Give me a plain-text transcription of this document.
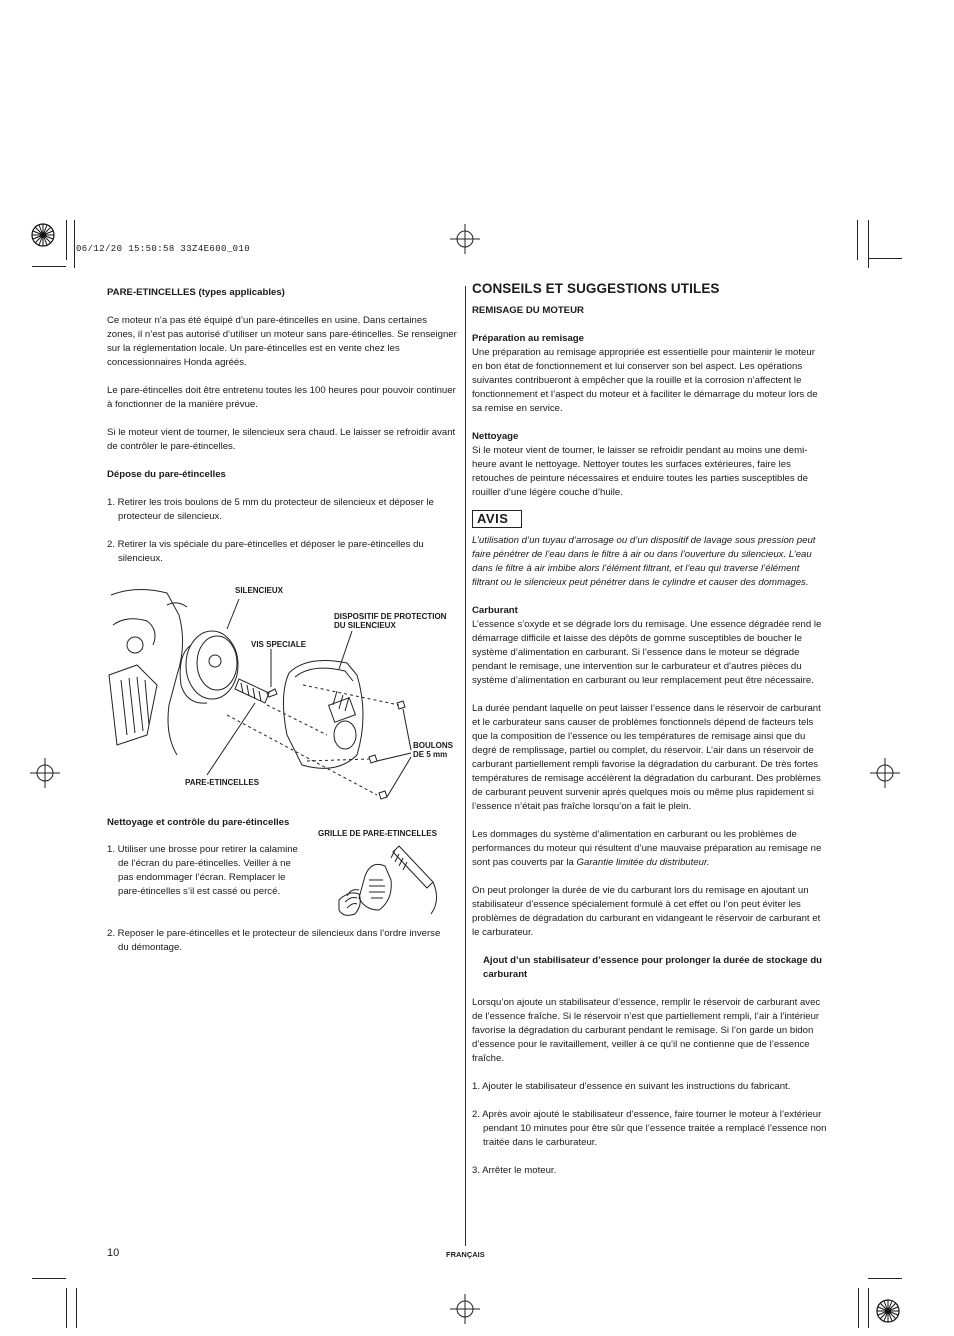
06/12/20 15:50:58 33Z4E600_010

PARE-ETINCELLES (types applicables)

Ce moteur n’a pas été équipé d’un pare-étincelles en usine. Dans certaines zones, il n’est pas autorisé d’utiliser un moteur sans pare-étincelles. Se renseigner sur la réglementation locale. Un pare-étincelles est en vente chez les concessionnaires Honda agréés.

Le pare-étincelles doit être entretenu toutes les 100 heures pour pouvoir continuer à fonctionner de la manière prévue.

Si le moteur vient de tourner, le silencieux sera chaud. Le laisser se refroidir avant de contrôler le pare-étincelles.

Dépose du pare-étincelles

1. Retirer les trois boulons de 5 mm du protecteur de silencieux et déposer le protecteur de silencieux.

2. Retirer la vis spéciale du pare-étincelles et déposer le pare-étincelles du silencieux.

SILENCIEUX
DISPOSITIF DE PROTECTION
DU SILENCIEUX
VIS SPECIALE
BOULONS
DE 5 mm
PARE-ETINCELLES
Nettoyage et contrôle du pare-étincelles
GRILLE DE PARE-ETINCELLES

1. Utiliser une brosse pour retirer la calamine de l’écran du pare-étincelles. Veiller à ne pas endommager l’écran. Remplacer le pare-étincelles s’il est cassé ou percé.

2. Reposer le pare-étincelles et le protecteur de silencieux dans l’ordre inverse du démontage.

CONSEILS ET SUGGESTIONS UTILES

REMISAGE DU MOTEUR

Préparation au remisage

Une préparation au remisage appropriée est essentielle pour maintenir le moteur en bon état de fonctionnement et lui conserver son bel aspect. Les opérations suivantes contribueront à empêcher que la rouille et la corrosion n’affectent le fonctionnement et l’aspect du moteur et à faciliter le démarrage du moteur lors de sa remise en service.

Nettoyage

Si le moteur vient de tourner, le laisser se refroidir pendant au moins une demi-heure avant le nettoyage. Nettoyer toutes les surfaces extérieures, faire les retouches de peinture nécessaires et enduire toutes les parties susceptibles de rouiller d’une légère couche d’huile.

AVIS

L’utilisation d’un tuyau d’arrosage ou d’un dispositif de lavage sous pression peut faire pénétrer de l’eau dans le filtre à air ou dans l’ouverture du silencieux. L’eau dans le filtre à air imbibe alors l’élément filtrant, et l’eau qui traverse l’élément filtrant ou le silencieux peut pénétrer dans le cylindre et causer des dommages.

Carburant

L’essence s’oxyde et se dégrade lors du remisage. Une essence dégradée rend le démarrage difficile et laisse des dépôts de gomme susceptibles de boucher le système d’alimentation en carburant. Si l’essence dans le moteur se dégrade pendant le remisage, une intervention sur le carburateur et d’autres pièces du système d’alimentation en carburant ou leur remplacement peut être nécessaire.

La durée pendant laquelle on peut laisser l’essence dans le réservoir de carburant et le carburateur sans causer de problèmes fonctionnels dépend de facteurs tels que la composition de l’essence ou les températures de remisage ainsi que du degré de remplissage, partiel ou complet, du réservoir. L’air dans un réservoir de carburant partiellement rempli favorise la dégradation du carburant. De très fortes températures de remisage accélèrent la dégradation du carburant. Des problèmes de carburant peuvent survenir après quelques mois ou même plus rapidement si l’essence n’était pas fraîche lorsqu’on a fait le plein.

Les dommages du système d’alimentation en carburant ou les problèmes de performances du moteur qui résultent d’une mauvaise préparation au remisage ne sont pas couverts par la Garantie limitée du distributeur.

On peut prolonger la durée de vie du carburant lors du remisage en ajoutant un stabilisateur d’essence spécialement formulé à cet effet ou l’on peut éviter les problèmes de dégradation du carburant en vidangeant le réservoir de carburant et le carburateur.

Ajout d’un stabilisateur d’essence pour prolonger la durée de stockage du carburant

Lorsqu’on ajoute un stabilisateur d’essence, remplir le réservoir de carburant avec de l’essence fraîche. Si le réservoir n’est que partiellement rempli, l’air à l’intérieur favorise la dégradation du carburant pendant le remisage. Si l’on garde un bidon d’essence pour le ravitaillement, veiller à ce qu’il ne contienne que de l’essence fraîche.

1. Ajouter le stabilisateur d’essence en suivant les instructions du fabricant.

2. Après avoir ajouté le stabilisateur d’essence, faire tourner le moteur à l’extérieur pendant 10 minutes pour être sûr que l’essence traitée a remplacé l’essence non traitée dans le carburateur.

3. Arrêter le moteur.

10	FRANÇAIS
